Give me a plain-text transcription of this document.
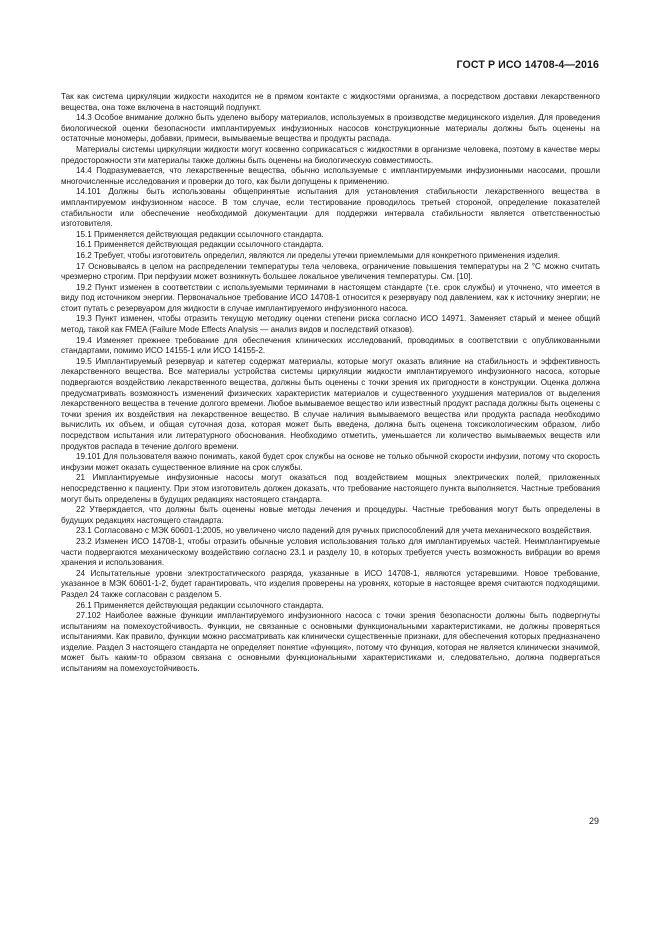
ГОСТ Р ИСО 14708-4—2016

Так как система циркуляции жидкости находится не в прямом контакте с жидкостями организма, а посредством доставки лекарственного вещества, она тоже включена в настоящий подпункт.

14.3 Особое внимание должно быть уделено выбору материалов, используемых в производстве медицинского изделия. Для проведения биологической оценки безопасности имплантируемых инфузионных насосов конструкционные материалы должны быть оценены на остаточные мономеры, добавки, примеси, вымываемые вещества и продукты распада.

Материалы системы циркуляции жидкости могут косвенно соприкасаться с жидкостями в организме человека, поэтому в качестве меры предосторожности эти материалы также должны быть оценены на биологическую совместимость.

14.4 Подразумевается, что лекарственные вещества, обычно используемые с имплантируемыми инфузионными насосами, прошли многочисленные исследования и проверки до того, как были допущены к применению.

14.101 Должны быть использованы общепринятые испытания для установления стабильности лекарственного вещества в имплантируемом инфузионном насосе. В том случае, если тестирование проводилось третьей стороной, определение показателей стабильности или обеспечение необходимой документации для поддержки интервала стабильности является ответственностью изготовителя.

15.1 Применяется действующая редакции ссылочного стандарта.

16.1 Применяется действующая редакции ссылочного стандарта.

16.2 Требует, чтобы изготовитель определил, являются ли пределы утечки приемлемыми для конкретного применения изделия.

17 Основываясь в целом на распределении температуры тела человека, ограничение повышения температуры на 2 °С можно считать чрезмерно строгим. При перфузии может возникнуть большее локальное увеличения температуры. См. [10].

19.2 Пункт изменен в соответствии с используемыми терминами в настоящем стандарте (т.е. срок службы) и уточнено, что имеется в виду под источником энергии. Первоначальное требование ИСО 14708-1 относится к резервуару под давлением, как к источнику энергии; не стоит путать с резервуаром для жидкости в случае имплантируемого инфузионного насоса.

19.3 Пункт изменен, чтобы отразить текущую методику оценки степени риска согласно ИСО 14971. Заменяет старый и менее общий метод, такой как FMEA (Failure Mode Effects Analysis — анализ видов и последствий отказов).

19.4 Изменяет прежнее требование для обеспечения клинических исследований, проводимых в соответствии с опубликованными стандартами, помимо ИСО 14155-1 или ИСО 14155-2.

19.5 Имплантируемый резервуар и катетер содержат материалы, которые могут оказать влияние на стабильность и эффективность лекарственного вещества. Все материалы устройства системы циркуляции жидкости имплантируемого инфузионного насоса, которые подвергаются воздействию лекарственного вещества, должны быть оценены с точки зрения их пригодности в конструкции. Оценка должна предусматривать возможность изменений физических характеристик материалов и существенного ухудшения материалов от выделения лекарственного вещества в течение долгого времени. Любое вымываемое вещество или известный продукт распада должны быть оценены с точки зрения их воздействия на лекарственное вещество. В случае наличия вымываемого вещества или продукта распада необходимо вычислить их объем, и общая суточная доза, которая может быть введена, должна быть оценена токсикологическим образом, либо посредством испытания или литературного обоснования. Необходимо отметить, уменьшается ли количество вымываемых веществ или продуктов распада в течение долгого времени.

19.101 Для пользователя важно понимать, какой будет срок службы на основе не только обычной скорости инфузии, потому что скорость инфузии может оказать существенное влияние на срок службы.

21 Имплантируемые инфузионные насосы могут оказаться под воздействием мощных электрических полей, приложенных непосредственно к пациенту. При этом изготовитель должен доказать, что требование настоящего пункта выполняется. Частные требования могут быть определены в будущих редакциях настоящего стандарта.

22 Утверждается, что должны быть оценены новые методы лечения и процедуры. Частные требования могут быть определены в будущих редакциях настоящего стандарта.

23.1 Согласовано с МЭК 60601-1:2005, но увеличено число падений для ручных приспособлений для учета механического воздействия.

23.2 Изменен ИСО 14708-1, чтобы отразить обычные условия использования только для имплантируемых частей. Неимплантируемые части подвергаются механическому воздействию согласно 23.1 и разделу 10, в которых требуется учесть возможность вибрации во время хранения и использования.

24 Испытательные уровни электростатического разряда, указанные в ИСО 14708-1, являются устаревшими. Новое требование, указанное в МЭК 60601-1-2, будет гарантировать, что изделия проверены на уровнях, которые в настоящее время считаются подходящими. Раздел 24 также согласован с разделом 5.

26.1 Применяется действующая редакции ссылочного стандарта.

27.102 Наиболее важные функции имплантируемого инфузионного насоса с точки зрения безопасности должны быть подвергнуты испытаниям на помехоустойчивость. Функции, не связанные с основными функциональными характеристиками, не должны проверяться испытаниями. Как правило, функции можно рассматривать как клинически существенные признаки, для обеспечения которых предназначено изделие. Раздел 3 настоящего стандарта не определяет понятие «функция», потому что функция, которая не является клинически значимой, может быть каким-то образом связана с основными функциональными характеристиками и, следовательно, должна подвергаться испытаниям на помехоустойчивость.

29
